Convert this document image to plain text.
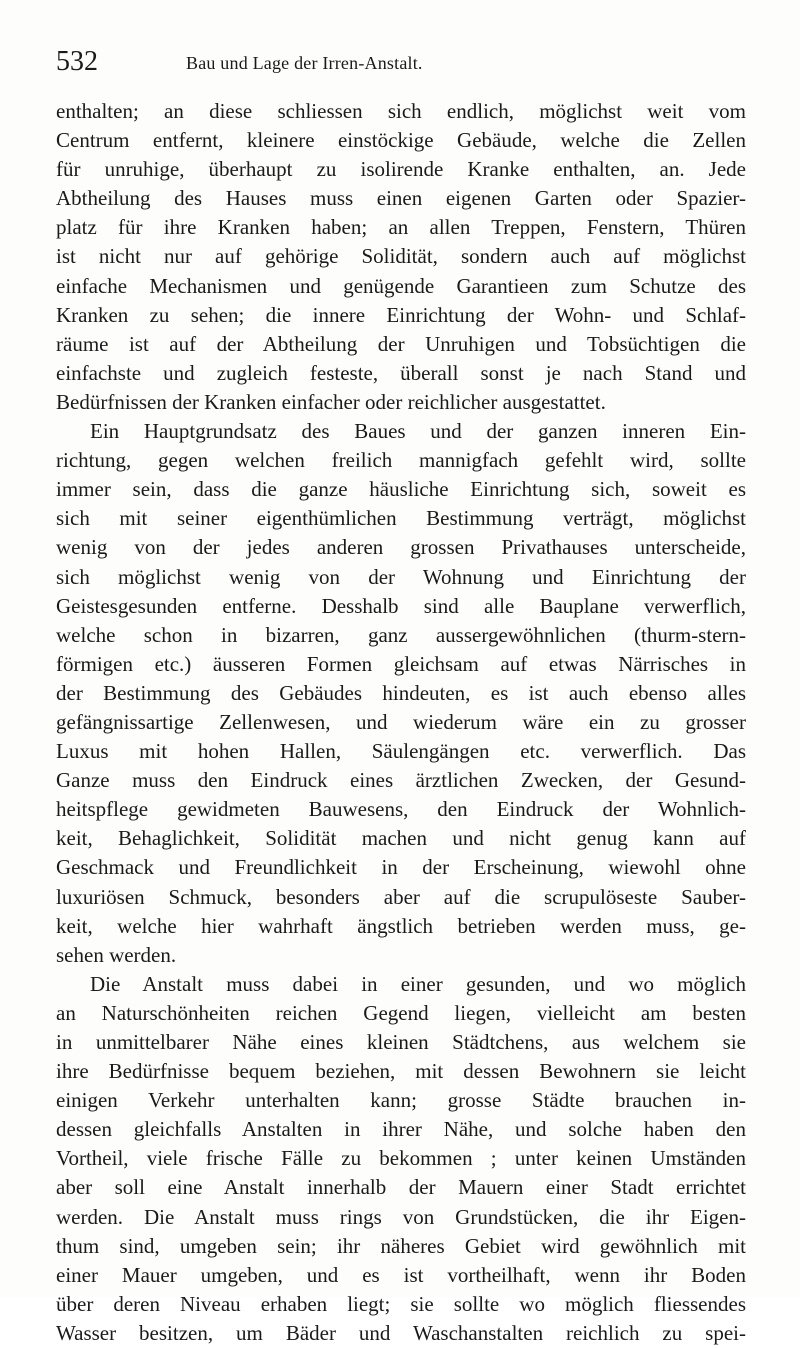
532	Bau und Lage der Irren-Anstalt.
enthalten; an diese schliessen sich endlich, möglichst weit vom
Centrum entfernt, kleinere einstöckige Gebäude, welche die Zellen
für unruhige, überhaupt zu isolirende Kranke enthalten, an. Jede
Abtheilung des Hauses muss einen eigenen Garten oder Spazier-
platz für ihre Kranken haben; an allen Treppen, Fenstern, Thüren
ist nicht nur auf gehörige Solidität, sondern auch auf möglichst
einfache Mechanismen und genügende Garantieen zum Schutze des
Kranken zu sehen; die innere Einrichtung der Wohn- und Schlaf-
räume ist auf der Abtheilung der Unruhigen und Tobsüchtigen die
einfachste und zugleich festeste, überall sonst je nach Stand und
Bedürfnissen der Kranken einfacher oder reichlicher ausgestattet.
Ein Hauptgrundsatz des Baues und der ganzen inneren Ein-
richtung, gegen welchen freilich mannigfach gefehlt wird, sollte
immer sein, dass die ganze häusliche Einrichtung sich, soweit es
sich mit seiner eigenthümlichen Bestimmung verträgt, möglichst
wenig von der jedes anderen grossen Privathauses unterscheide,
sich möglichst wenig von der Wohnung und Einrichtung der
Geistesgesunden entferne. Desshalb sind alle Bauplane verwerflich,
welche schon in bizarren, ganz aussergewöhnlichen (thurm-stern-
förmigen etc.) äusseren Formen gleichsam auf etwas Närrisches in
der Bestimmung des Gebäudes hindeuten, es ist auch ebenso alles
gefängnissartige Zellenwesen, und wiederum wäre ein zu grosser
Luxus mit hohen Hallen, Säulengängen etc. verwerflich. Das
Ganze muss den Eindruck eines ärztlichen Zwecken, der Gesund-
heitspflege gewidmeten Bauwesens, den Eindruck der Wohnlich-
keit, Behaglichkeit, Solidität machen und nicht genug kann auf
Geschmack und Freundlichkeit in der Erscheinung, wiewohl ohne
luxuriösen Schmuck, besonders aber auf die scrupulöseste Sauber-
keit, welche hier wahrhaft ängstlich betrieben werden muss, ge-
sehen werden.
Die Anstalt muss dabei in einer gesunden, und wo möglich
an Naturschönheiten reichen Gegend liegen, vielleicht am besten
in unmittelbarer Nähe eines kleinen Städtchens, aus welchem sie
ihre Bedürfnisse bequem beziehen, mit dessen Bewohnern sie leicht
einigen Verkehr unterhalten kann; grosse Städte brauchen in-
dessen gleichfalls Anstalten in ihrer Nähe, und solche haben den
Vortheil, viele frische Fälle zu bekommen ; unter keinen Umständen
aber soll eine Anstalt innerhalb der Mauern einer Stadt errichtet
werden. Die Anstalt muss rings von Grundstücken, die ihr Eigen-
thum sind, umgeben sein; ihr näheres Gebiet wird gewöhnlich mit
einer Mauer umgeben, und es ist vortheilhaft, wenn ihr Boden
über deren Niveau erhaben liegt; sie sollte wo möglich fliessendes
Wasser besitzen, um Bäder und Waschanstalten reichlich zu spei-
